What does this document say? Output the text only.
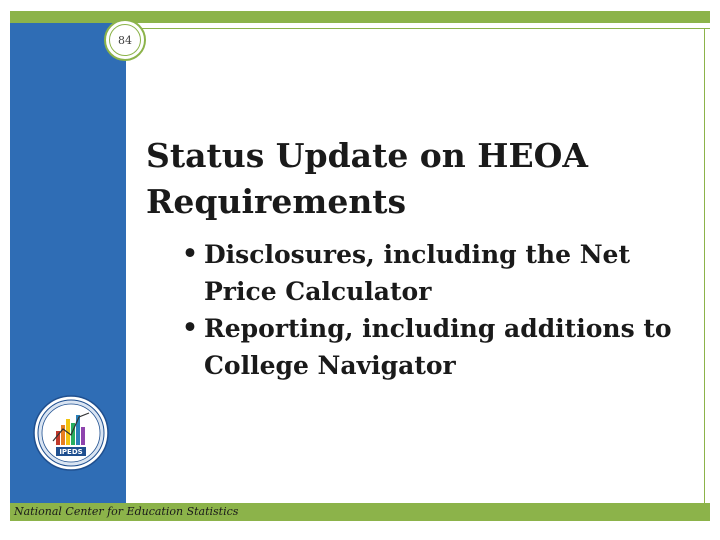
84
Status Update on HEOA Requirements
• Disclosures, including the Net Price Calculator
• Reporting, including additions to College Navigator
IPEDS
National Center for Education Statistics
